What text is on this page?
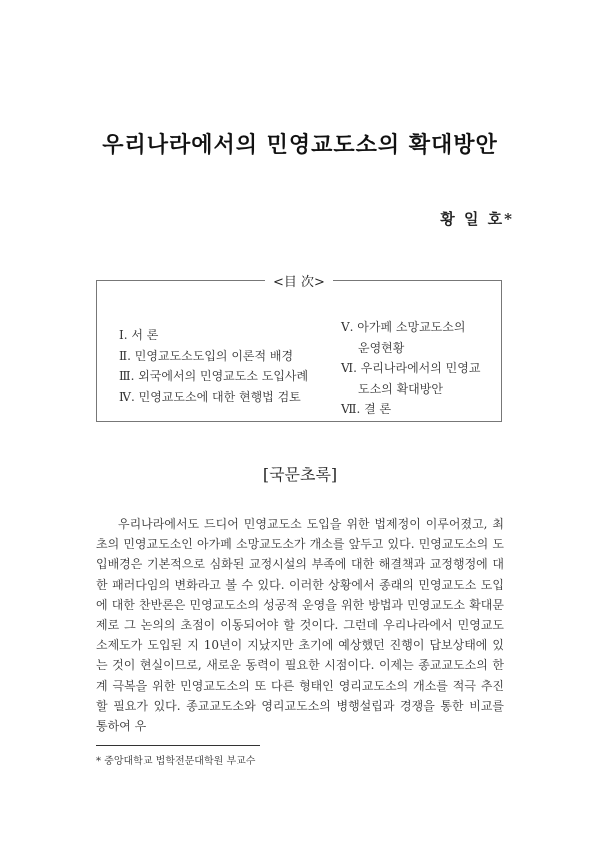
우리나라에서의 민영교도소의 확대방안
황 일 호*
<目 次>
Ⅰ. 서 론
Ⅱ. 민영교도소도입의 이론적 배경
Ⅲ. 외국에서의 민영교도소 도입사례
Ⅳ. 민영교도소에 대한 현행법 검토
Ⅴ. 아가페 소망교도소의
운영현황
Ⅵ. 우리나라에서의 민영교
도소의 확대방안
Ⅶ. 결 론
[국문초록]

우리나라에서도 드디어 민영교도소 도입을 위한 법제정이 이루어졌고, 최초의 민영교도소인 아가페 소망교도소가 개소를 앞두고 있다. 민영교도소의 도입배경은 기본적으로 심화된 교정시설의 부족에 대한 해결책과 교정행정에 대한 패러다임의 변화라고 볼 수 있다. 이러한 상황에서 종래의 민영교도소 도입에 대한 찬반론은 민영교도소의 성공적 운영을 위한 방법과 민영교도소 확대문제로 그 논의의 초점이 이동되어야 할 것이다. 그런데 우리나라에서 민영교도소제도가 도입된 지 10년이 지났지만 초기에 예상했던 진행이 답보상태에 있는 것이 현실이므로, 새로운 동력이 필요한 시점이다. 이제는 종교교도소의 한계 극복을 위한 민영교도소의 또 다른 형태인 영리교도소의 개소를 적극 추진할 필요가 있다. 종교교도소와 영리교도소의 병행설립과 경쟁을 통한 비교를 통하여 우

* 중앙대학교 법학전문대학원 부교수
